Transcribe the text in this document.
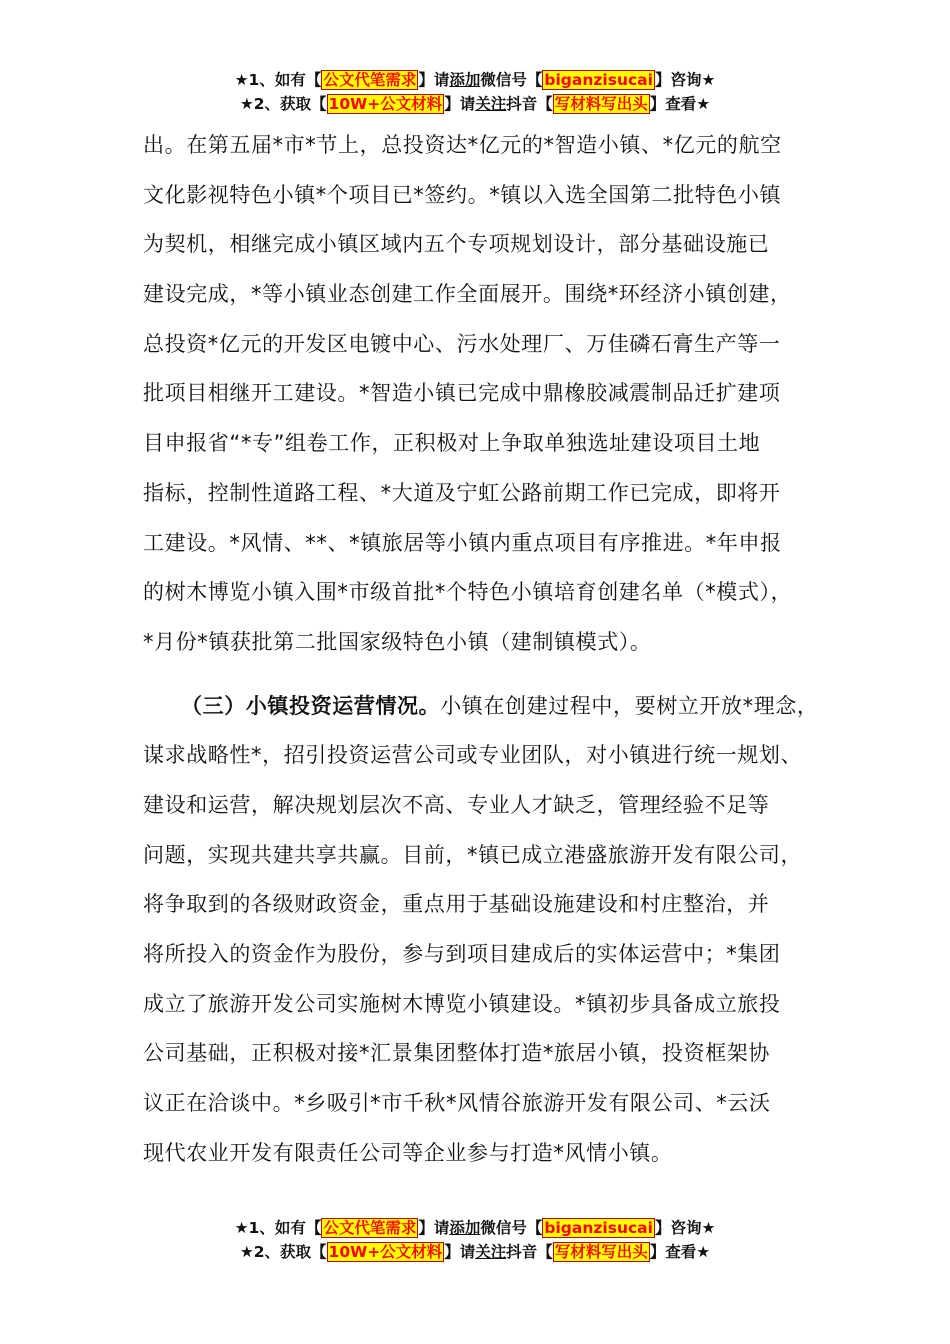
★1、如有【 公文代笔需求 】请添加微信号【 biganzisucai 】咨询★
★2、获取【 10W+公文材料 】请关注抖音【 写材料写出头 】查看★
出。在第五届*市*节上，总投资达*亿元的*智造小镇、*亿元的航空
文化影视特色小镇*个项目已*签约。*镇以入选全国第二批特色小镇
为契机，相继完成小镇区域内五个专项规划设计，部分基础设施已
建设完成，*等小镇业态创建工作全面展开。围绕*环经济小镇创建，
总投资*亿元的开发区电镀中心、污水处理厂、万佳磷石膏生产等一
批项目相继开工建设。*智造小镇已完成中鼎橡胶减震制品迁扩建项
目申报省“*专”组卷工作，正积极对上争取单独选址建设项目土地
指标，控制性道路工程、*大道及宁虹公路前期工作已完成，即将开
工建设。*风情、**、*镇旅居等小镇内重点项目有序推进。*年申报
的树木博览小镇入围*市级首批*个特色小镇培育创建名单（*模式），
*月份*镇获批第二批国家级特色小镇（建制镇模式）。
（三）小镇投资运营情况。小镇在创建过程中，要树立开放*理念，
谋求战略性*，招引投资运营公司或专业团队，对小镇进行统一规划、
建设和运营，解决规划层次不高、专业人才缺乏，管理经验不足等
问题，实现共建共享共赢。目前，*镇已成立港盛旅游开发有限公司，
将争取到的各级财政资金，重点用于基础设施建设和村庄整治，并
将所投入的资金作为股份，参与到项目建成后的实体运营中；*集团
成立了旅游开发公司实施树木博览小镇建设。*镇初步具备成立旅投
公司基础，正积极对接*汇景集团整体打造*旅居小镇，投资框架协
议正在洽谈中。*乡吸引*市千秋*风情谷旅游开发有限公司、*云沃
现代农业开发有限责任公司等企业参与打造*风情小镇。
★1、如有【 公文代笔需求 】请添加微信号【 biganzisucai 】咨询★
★2、获取【 10W+公文材料 】请关注抖音【 写材料写出头 】查看★
